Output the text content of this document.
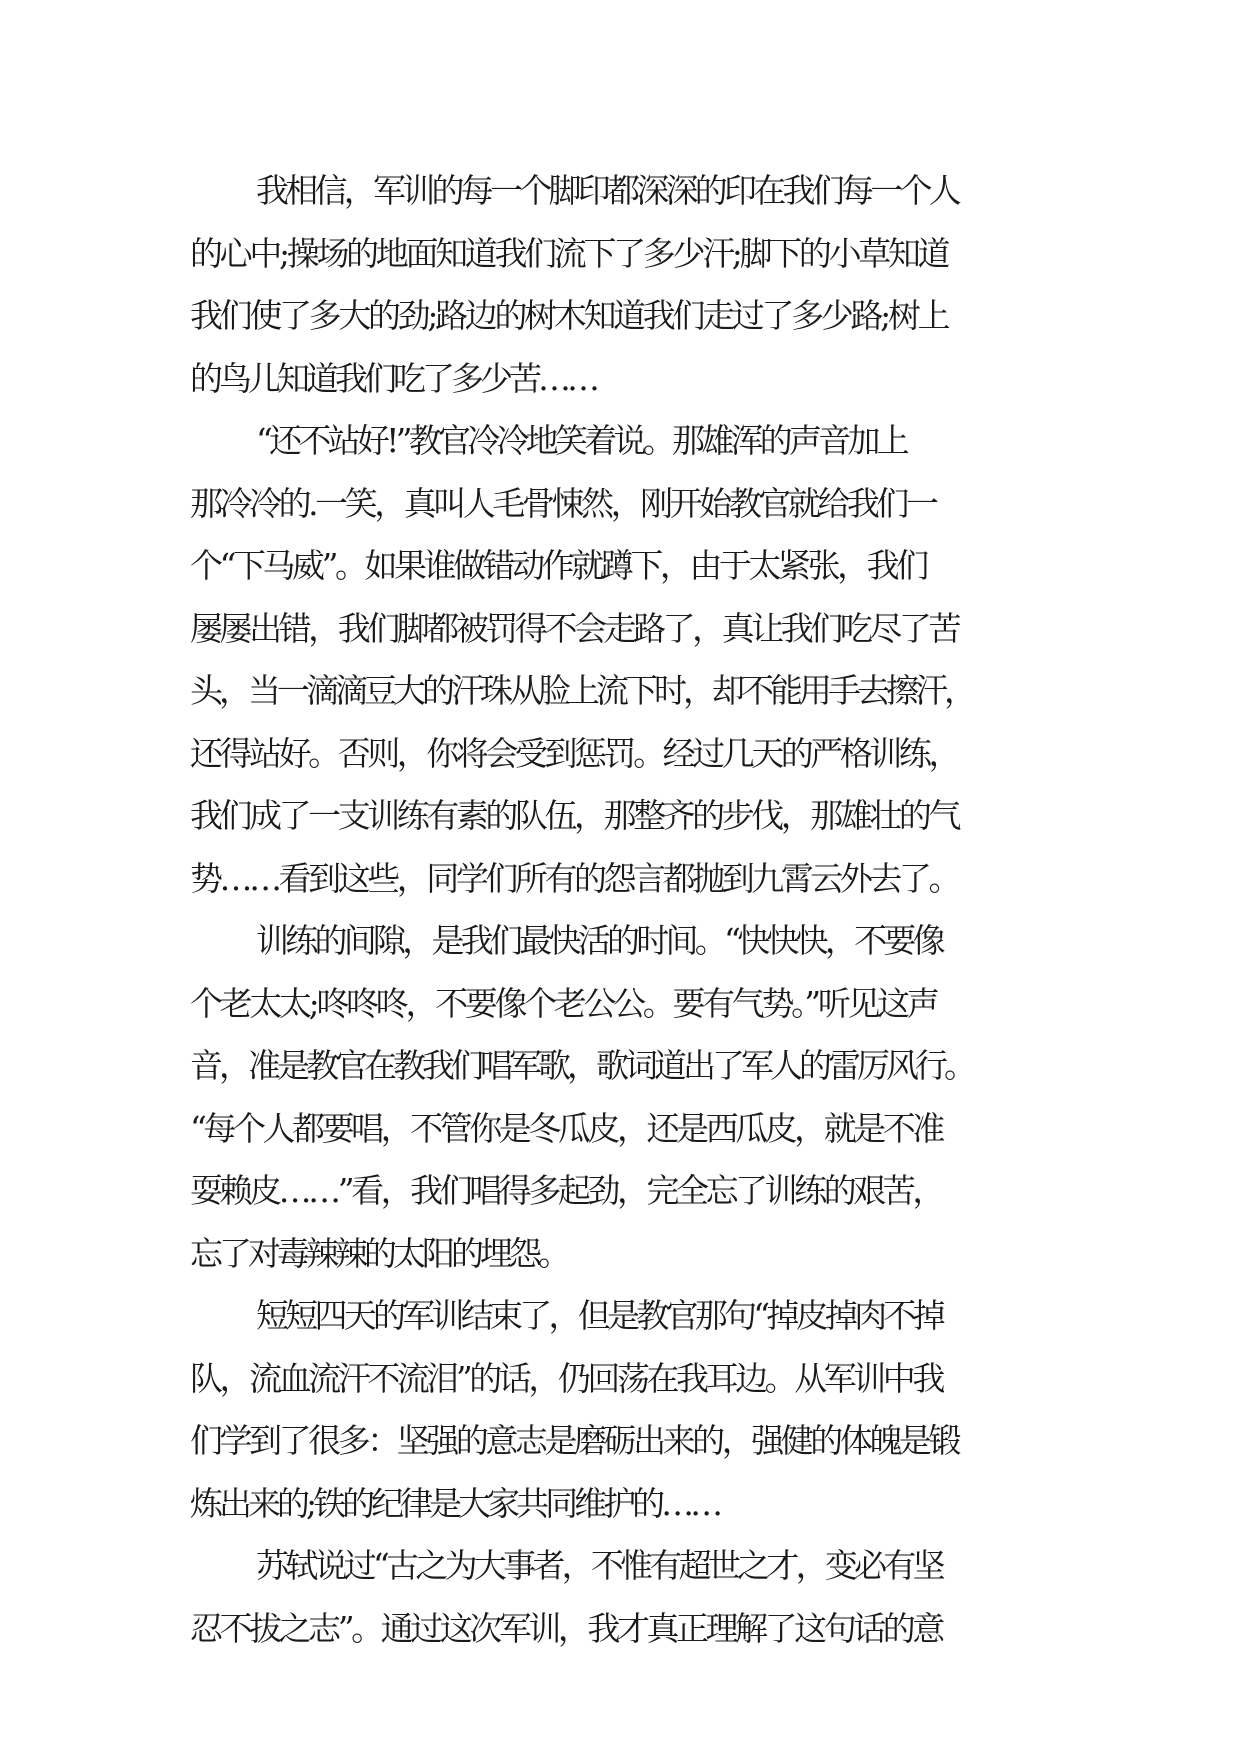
我相信，军训的每一个脚印都深深的印在我们每一个人
的心中;操场的地面知道我们流下了多少汗;脚下的小草知道
我们使了多大的劲;路边的树木知道我们走过了多少路;树上
的鸟儿知道我们吃了多少苦……
“还不站好!”教官冷冷地笑着说。那雄浑的声音加上
那冷冷的.一笑，真叫人毛骨悚然，刚开始教官就给我们一
个“下马威”。如果谁做错动作就蹲下，由于太紧张，我们
屡屡出错，我们脚都被罚得不会走路了，真让我们吃尽了苦
头，当一滴滴豆大的汗珠从脸上流下时，却不能用手去擦汗，
还得站好。否则，你将会受到惩罚。经过几天的严格训练，
我们成了一支训练有素的队伍，那整齐的步伐，那雄壮的气
势……看到这些，同学们所有的怨言都抛到九霄云外去了。
训练的间隙，是我们最快活的时间。“快快快，不要像
个老太太;咚咚咚，不要像个老公公。要有气势。”听见这声
音，准是教官在教我们唱军歌，歌词道出了军人的雷厉风行。
“每个人都要唱，不管你是冬瓜皮，还是西瓜皮，就是不准
耍赖皮……”看，我们唱得多起劲，完全忘了训练的艰苦，
忘了对毒辣辣的太阳的埋怨。
短短四天的军训结束了，但是教官那句“掉皮掉肉不掉
队，流血流汗不流泪”的话，仍回荡在我耳边。从军训中我
们学到了很多：坚强的意志是磨砺出来的，强健的体魄是锻
炼出来的;铁的纪律是大家共同维护的……
苏轼说过“古之为大事者，不惟有超世之才，变必有坚
忍不拔之志”。通过这次军训，我才真正理解了这句话的意
